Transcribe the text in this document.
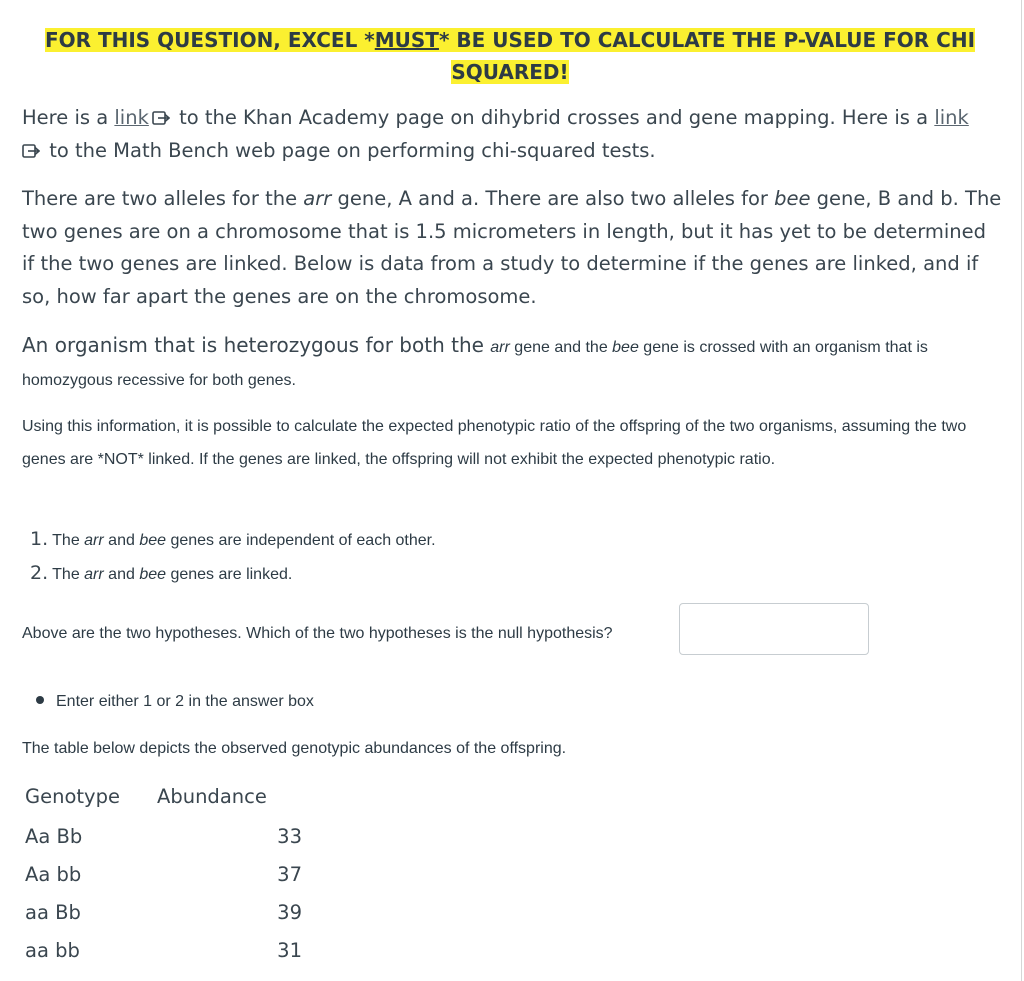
FOR THIS QUESTION, EXCEL *MUST* BE USED TO CALCULATE THE P-VALUE FOR CHI
SQUARED!
Here is a link
to the Khan Academy page on dihybrid crosses and gene mapping. Here is a link

to the Math Bench web page on performing chi-squared tests.
There are two alleles for the arr gene, A and a. There are also two alleles for bee gene, B and b. The two genes are on a chromosome that is 1.5 micrometers in length, but it has yet to be determined if the two genes are linked. Below is data from a study to determine if the genes are linked, and if so, how far apart the genes are on the chromosome.
An organism that is heterozygous for both the arr gene and the bee gene is crossed with an organism that is homozygous recessive for both genes.
Using this information, it is possible to calculate the expected phenotypic ratio of the offspring of the two organisms, assuming the two genes are *NOT* linked. If the genes are linked, the offspring will not exhibit the expected phenotypic ratio.
1. The arr and bee genes are independent of each other.
2. The arr and bee genes are linked.
Above are the two hypotheses. Which of the two hypotheses is the null hypothesis?
Enter either 1 or 2 in the answer box
The table below depicts the observed genotypic abundances of the offspring.
Genotype Abundance
Aa Bb	33
Aa bb	37
aa Bb	39
aa bb	31
